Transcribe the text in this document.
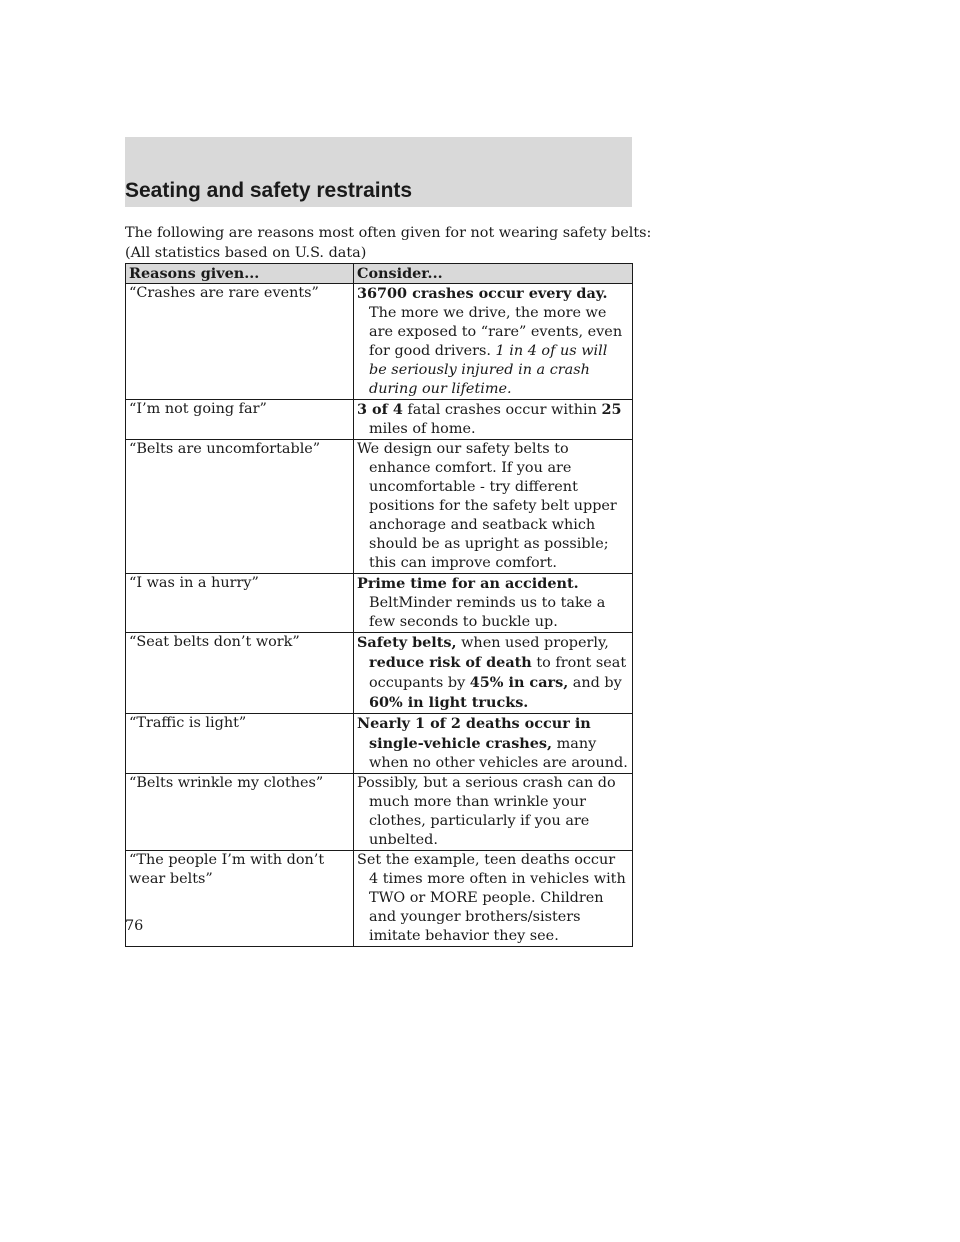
Seating and safety restraints

The following are reasons most often given for not wearing safety belts:

(All statistics based on U.S. data)

Reasons given...	Consider...
“Crashes are rare events”	36700 crashes occur every day. The more we drive, the more we are exposed to “rare” events, even for good drivers. 1 in 4 of us will be seriously injured in a crash during our lifetime.

“I’m not going far”	3 of 4 fatal crashes occur within 25 miles of home.

“Belts are uncomfortable”	We design our safety belts to enhance comfort. If you are uncomfortable - try different positions for the safety belt upper anchorage and seatback which should be as upright as possible; this can improve comfort.

“I was in a hurry”	Prime time for an accident. BeltMinder reminds us to take a few seconds to buckle up.

“Seat belts don’t work”	Safety belts, when used properly, reduce risk of death to front seat occupants by 45% in cars, and by 60% in light trucks.

“Traffic is light”	Nearly 1 of 2 deaths occur in single-vehicle crashes, many when no other vehicles are around.

“Belts wrinkle my clothes”	Possibly, but a serious crash can do much more than wrinkle your clothes, particularly if you are unbelted.

“The people I’m with don’t wear belts”	Set the example, teen deaths occur 4 times more often in vehicles with TWO or MORE people. Children and younger brothers/sisters imitate behavior they see.

76
